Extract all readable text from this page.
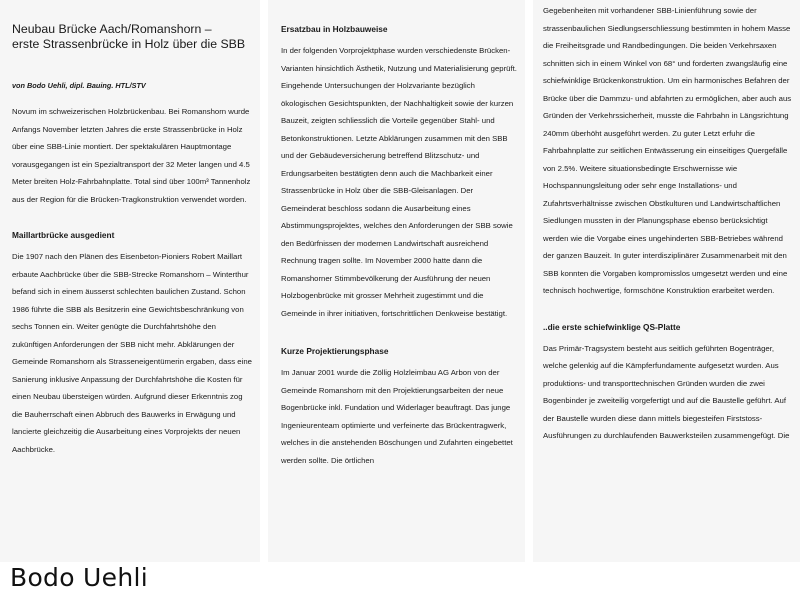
Neubau Brücke Aach/Romanshorn –
erste Strassenbrücke in Holz über die SBB
von Bodo Uehli, dipl. Bauing. HTL/STV

Novum im schweizerischen Holzbrückenbau. Bei Romanshorn wurde Anfangs November letzten Jahres die erste Strassenbrücke in Holz über eine SBB-Linie montiert. Der spektakulären Hauptmontage vorausgegangen ist ein Spezialtransport der 32 Meter langen und 4.5 Meter breiten Holz-Fahrbahnplatte. Total sind über 100m³ Tannenholz aus der Region für die Brücken-Tragkonstruktion verwendet worden.

Maillartbrücke ausgedient

Die 1907 nach den Plänen des Eisenbeton-Pioniers Robert Maillart erbaute Aachbrücke über die SBB-Strecke Romanshorn – Winterthur befand sich in einem äusserst schlechten baulichen Zustand. Schon 1986 führte die SBB als Besitzerin eine Gewichtsbeschränkung von sechs Tonnen ein. Weiter genügte die Durchfahrtshöhe den zukünftigen Anforderungen der SBB nicht mehr. Abklärungen der Gemeinde Romanshorn als Strasseneigentümerin ergaben, dass eine Sanierung inklusive Anpassung der Durchfahrtshöhe die Kosten für einen Neubau übersteigen würden. Aufgrund dieser Erkenntnis zog die Bauherrschaft einen Abbruch des Bauwerks in Erwägung und lancierte gleichzeitig die Ausarbeitung eines Vorprojekts der neuen Aachbrücke.

Ersatzbau in Holzbauweise

In der folgenden Vorprojektphase wurden verschiedenste Brücken-Varianten hinsichtlich Ästhetik, Nutzung und Materialisierung geprüft. Eingehende Untersuchungen der Holzvariante bezüglich ökologischen Gesichtspunkten, der Nachhaltigkeit sowie der kurzen Bauzeit, zeigten schliesslich die Vorteile gegenüber Stahl- und Betonkonstruktionen. Letzte Abklärungen zusammen mit den SBB und der Gebäudeversicherung betreffend Blitzschutz- und Erdungsarbeiten bestätigten denn auch die Machbarkeit einer Strassenbrücke in Holz über die SBB-Gleisanlagen. Der Gemeinderat beschloss sodann die Ausarbeitung eines Abstimmungsprojektes, welches den Anforderungen der SBB sowie den Bedürfnissen der modernen Landwirtschaft ausreichend Rechnung tragen sollte. Im November 2000 hatte dann die Romanshorner Stimmbevölkerung der Ausführung der neuen Holzbogenbrücke mit grosser Mehrheit zugestimmt und die Gemeinde in ihrer initiativen, fortschrittlichen Denkweise bestätigt.

Kurze Projektierungsphase

Im Januar 2001 wurde die Zöllig Holzleimbau AG Arbon von der Gemeinde Romanshorn mit den Projektierungsarbeiten der neue Bogenbrücke inkl. Fundation und Widerlager beauftragt. Das junge Ingenieurenteam optimierte und verfeinerte das Brückentragwerk, welches in die anstehenden Böschungen und Zufahrten eingebettet werden sollte. Die örtlichen

Gegebenheiten mit vorhandener SBB-Linienführung sowie der strassenbaulichen Siedlungserschliessung bestimmten in hohem Masse die Freiheitsgrade und Randbedingungen. Die beiden Verkehrsaxen schnitten sich in einem Winkel von 68° und forderten zwangsläufig eine schiefwinklige Brückenkonstruktion. Um ein harmonisches Befahren der Brücke über die Dammzu- und abfahrten zu ermöglichen, aber auch aus Gründen der Verkehrssicherheit, musste die Fahrbahn in Längsrichtung 240mm überhöht ausgeführt werden. Zu guter Letzt erfuhr die Fahrbahnplatte zur seitlichen Entwässerung ein einseitiges Quergefälle von 2.5%. Weitere situationsbedingte Erschwernisse wie Hochspannungsleitung oder sehr enge Installations- und Zufahrtsverhältnisse zwischen Obstkulturen und Landwirtschaftlichen Siedlungen mussten in der Planungsphase ebenso berücksichtigt werden wie die Vorgabe eines ungehinderten SBB-Betriebes während der ganzen Bauzeit. In guter interdisziplinärer Zusammenarbeit mit den SBB konnten die Vorgaben kompromisslos umgesetzt werden und eine technisch hochwertige, formschöne Konstruktion erarbeitet werden.

..die erste schiefwinklige QS-Platte

Das Primär-Tragsystem besteht aus seitlich geführten Bogenträger, welche gelenkig auf die Kämpferfundamente aufgesetzt wurden. Aus produktions- und transporttechnischen Gründen wurden die zwei Bogenbinder je zweiteilig vorgefertigt und auf die Baustelle geführt. Auf der Baustelle wurden diese dann mittels biegesteifen Firststoss-Ausführungen zu durchlaufenden Bauwerksteilen zusammengefügt. Die

Bodo Uehli
